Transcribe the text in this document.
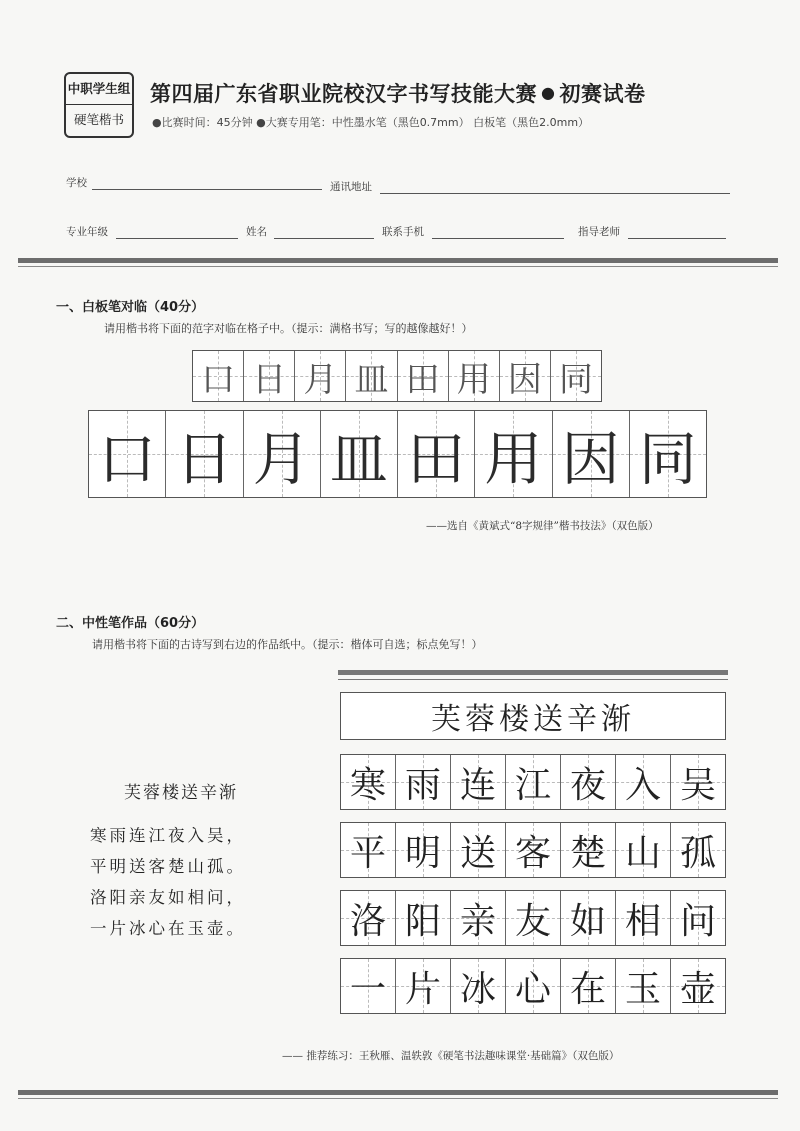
中职学生组
硬笔楷书
第四届广东省职业院校汉字书写技能大赛 ● 初赛试卷
●比赛时间：45分钟 ●大赛专用笔：中性墨水笔（黑色0.7mm） 白板笔（黑色2.0mm）
学校	通讯地址
专业年级	姓名	联系手机	指导老师
一、白板笔对临（40分）
请用楷书将下面的范字对临在格子中。（提示：满格书写；写的越像越好！）
口 日 月 皿 田 用 因 同
口 日 月 皿 田 用 因 同
——选自《黄斌式“8字规律”楷书技法》（双色版）
二、中性笔作品（60分）
请用楷书将下面的古诗写到右边的作品纸中。（提示：楷体可自选；标点免写！）
芙蓉楼送辛渐
寒雨连江夜入吴，
平明送客楚山孤。
洛阳亲友如相问，
一片冰心在玉壶。
芙蓉楼送辛渐
寒 雨 连 江 夜 入 吴
平 明 送 客 楚 山 孤
洛 阳 亲 友 如 相 问
一 片 冰 心 在 玉 壶
—— 推荐练习：王秋雁、温轶敦《硬笔书法趣味课堂·基础篇》（双色版）
